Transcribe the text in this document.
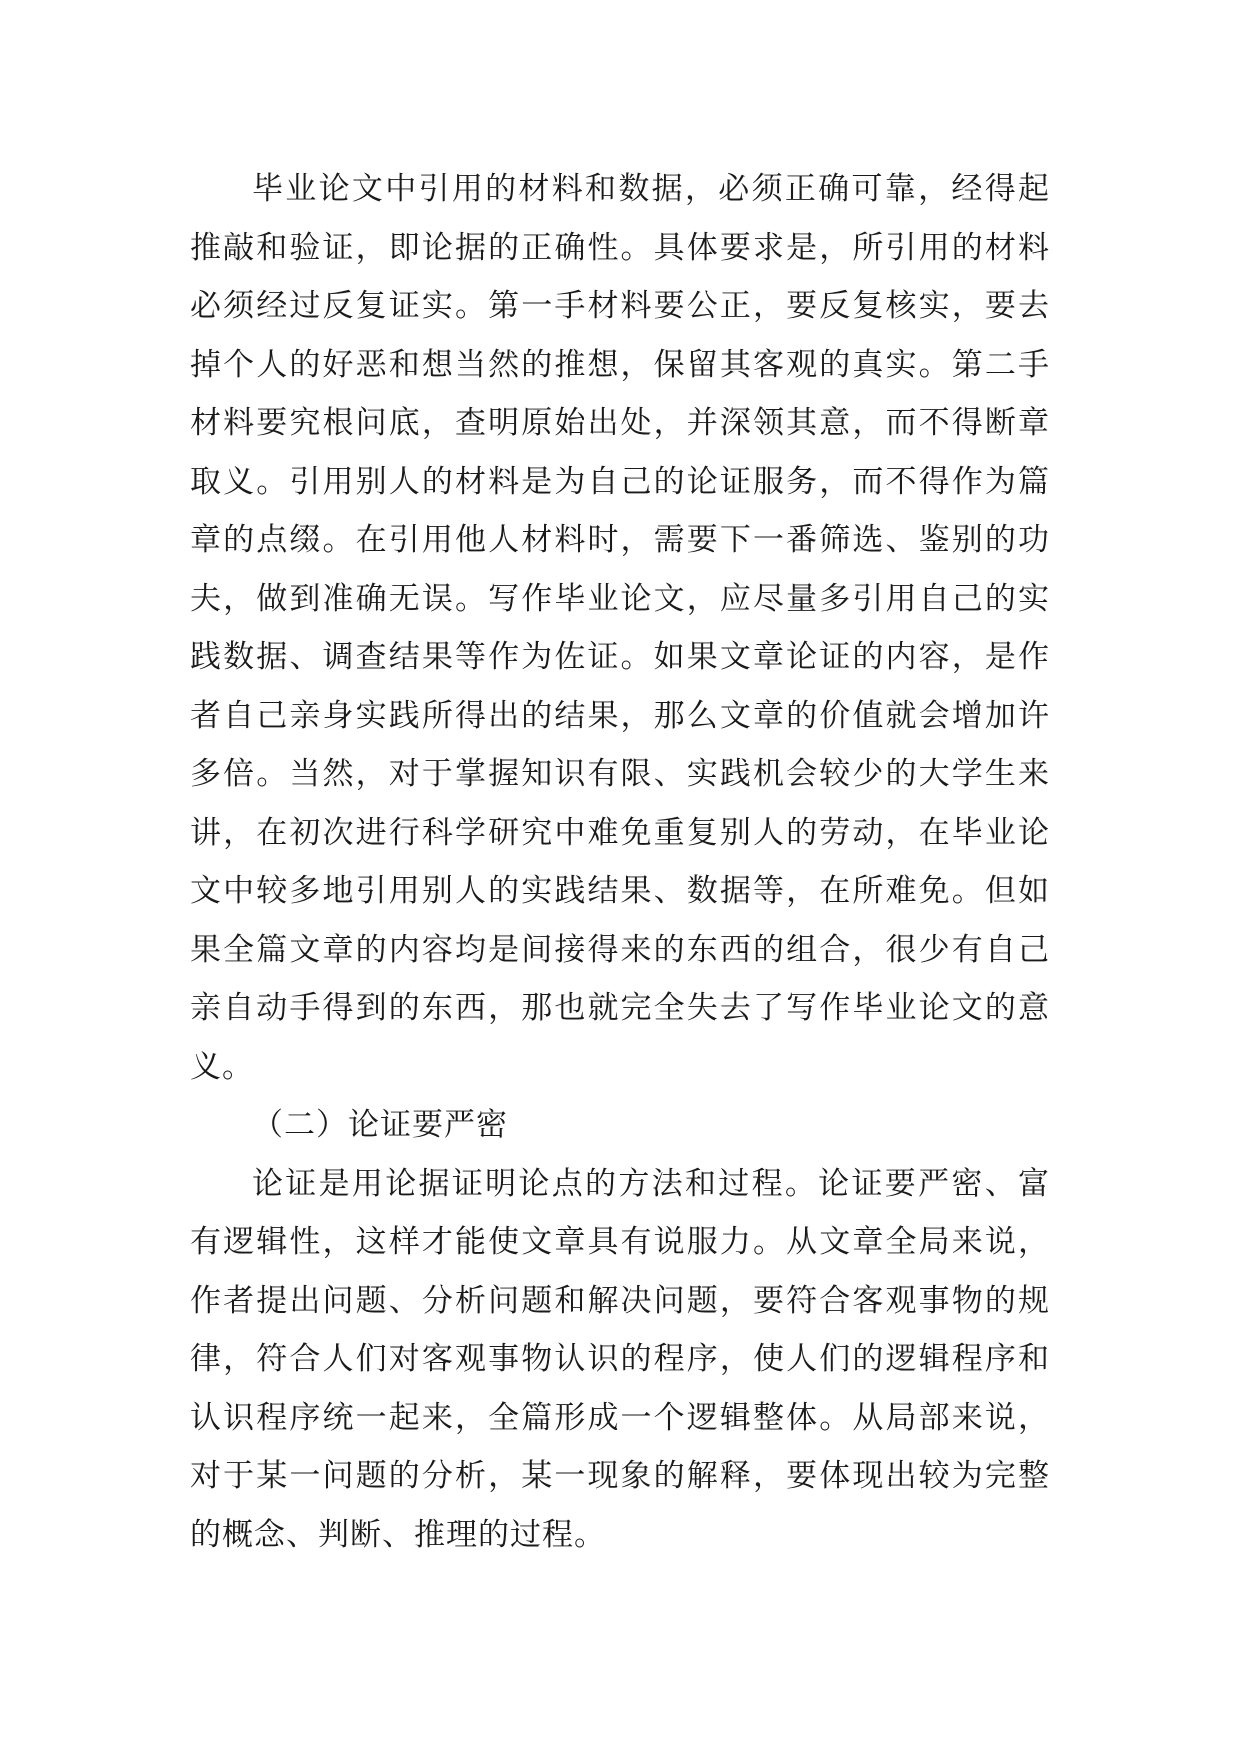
毕业论文中引用的材料和数据，必须正确可靠，经得起推敲和验证，即论据的正确性。具体要求是，所引用的材料必须经过反复证实。第一手材料要公正，要反复核实，要去掉个人的好恶和想当然的推想，保留其客观的真实。第二手材料要究根问底，查明原始出处，并深领其意，而不得断章取义。引用别人的材料是为自己的论证服务，而不得作为篇章的点缀。在引用他人材料时，需要下一番筛选、鉴别的功夫，做到准确无误。写作毕业论文，应尽量多引用自己的实践数据、调查结果等作为佐证。如果文章论证的内容，是作者自己亲身实践所得出的结果，那么文章的价值就会增加许多倍。当然，对于掌握知识有限、实践机会较少的大学生来讲，在初次进行科学研究中难免重复别人的劳动，在毕业论文中较多地引用别人的实践结果、数据等，在所难免。但如果全篇文章的内容均是间接得来的东西的组合，很少有自己亲自动手得到的东西，那也就完全失去了写作毕业论文的意义。

（二）论证要严密

论证是用论据证明论点的方法和过程。论证要严密、富有逻辑性，这样才能使文章具有说服力。从文章全局来说，作者提出问题、分析问题和解决问题，要符合客观事物的规律，符合人们对客观事物认识的程序，使人们的逻辑程序和认识程序统一起来，全篇形成一个逻辑整体。从局部来说，对于某一问题的分析，某一现象的解释，要体现出较为完整的概念、判断、推理的过程。
